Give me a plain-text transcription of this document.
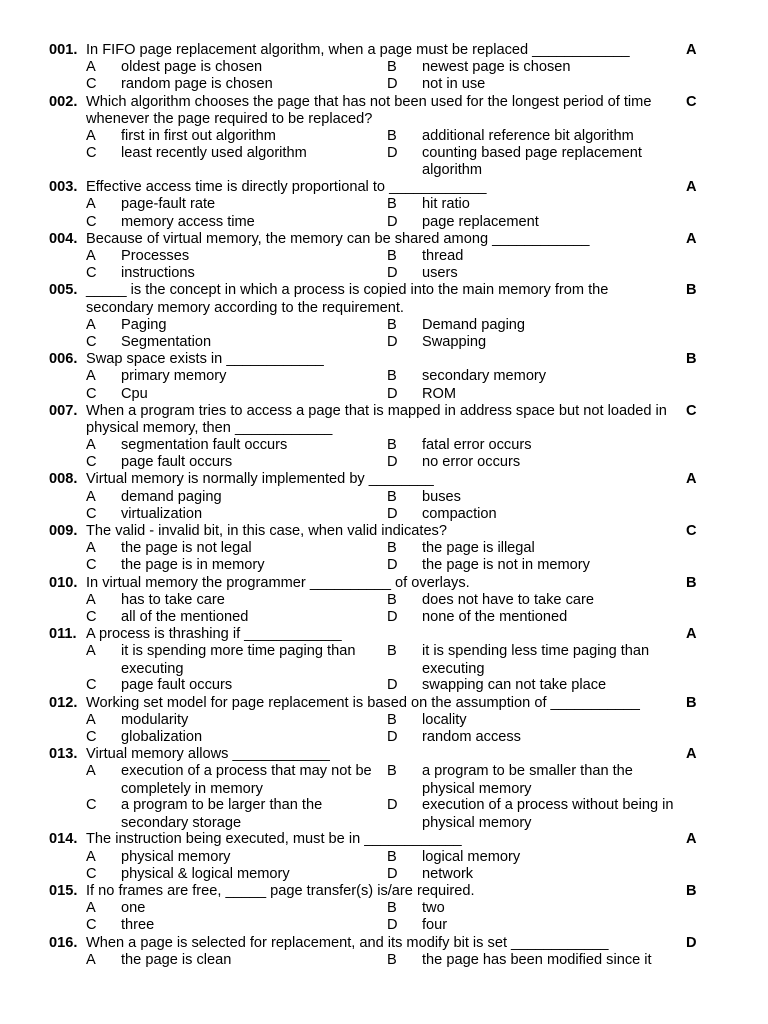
001. In FIFO page replacement algorithm, when a page must be replaced ____________	A
A oldest page is chosen	B newest page is chosen
C random page is chosen	D not in use
002. Which algorithm chooses the page that has not been used for the longest period of time whenever the page required to be replaced?
C
A first in first out algorithm	B additional reference bit algorithm
C least recently used algorithm	D counting based page replacement algorithm
003. Effective access time is directly proportional to ____________	A
A page-fault rate	B hit ratio
C memory access time	D page replacement
004. Because of virtual memory, the memory can be shared among ____________	A
A Processes	B thread
C instructions	D users
005. _____ is the concept in which a process is copied into the main memory from the secondary memory according to the requirement.
B
A Paging	B Demand paging
C Segmentation	D Swapping
006. Swap space exists in ____________	B
A primary memory	B secondary memory
C Cpu	D ROM
007. When a program tries to access a page that is mapped in address space but not loaded in physical memory, then ____________
C
A segmentation fault occurs	B fatal error occurs
C page fault occurs	D no error occurs
008. Virtual memory is normally implemented by ________	A
A demand paging	B buses
C virtualization	D compaction
009. The valid - invalid bit, in this case, when valid indicates?	C
A the page is not legal	B the page is illegal
C the page is in memory	D the page is not in memory
010. In virtual memory the programmer __________ of overlays.	B
A has to take care	B does not have to take care
C all of the mentioned	D none of the mentioned
011. A process is thrashing if ____________	A
A it is spending more time paging than executing
B it is spending less time paging than executing
C page fault occurs	D swapping can not take place
012. Working set model for page replacement is based on the assumption of ___________	B
A modularity	B locality
C globalization	D random access
013. Virtual memory allows ____________	A
A execution of a process that may not be completely in memory
B a program to be smaller than the physical memory
C a program to be larger than the secondary storage
D execution of a process without being in physical memory
014. The instruction being executed, must be in ____________	A
A physical memory	B logical memory
C physical & logical memory	D network
015. If no frames are free, _____ page transfer(s) is/are required.	B
A one	B two
C three	D four
016. When a page is selected for replacement, and its modify bit is set ____________	D
A the page is clean	B the page has been modified since it
